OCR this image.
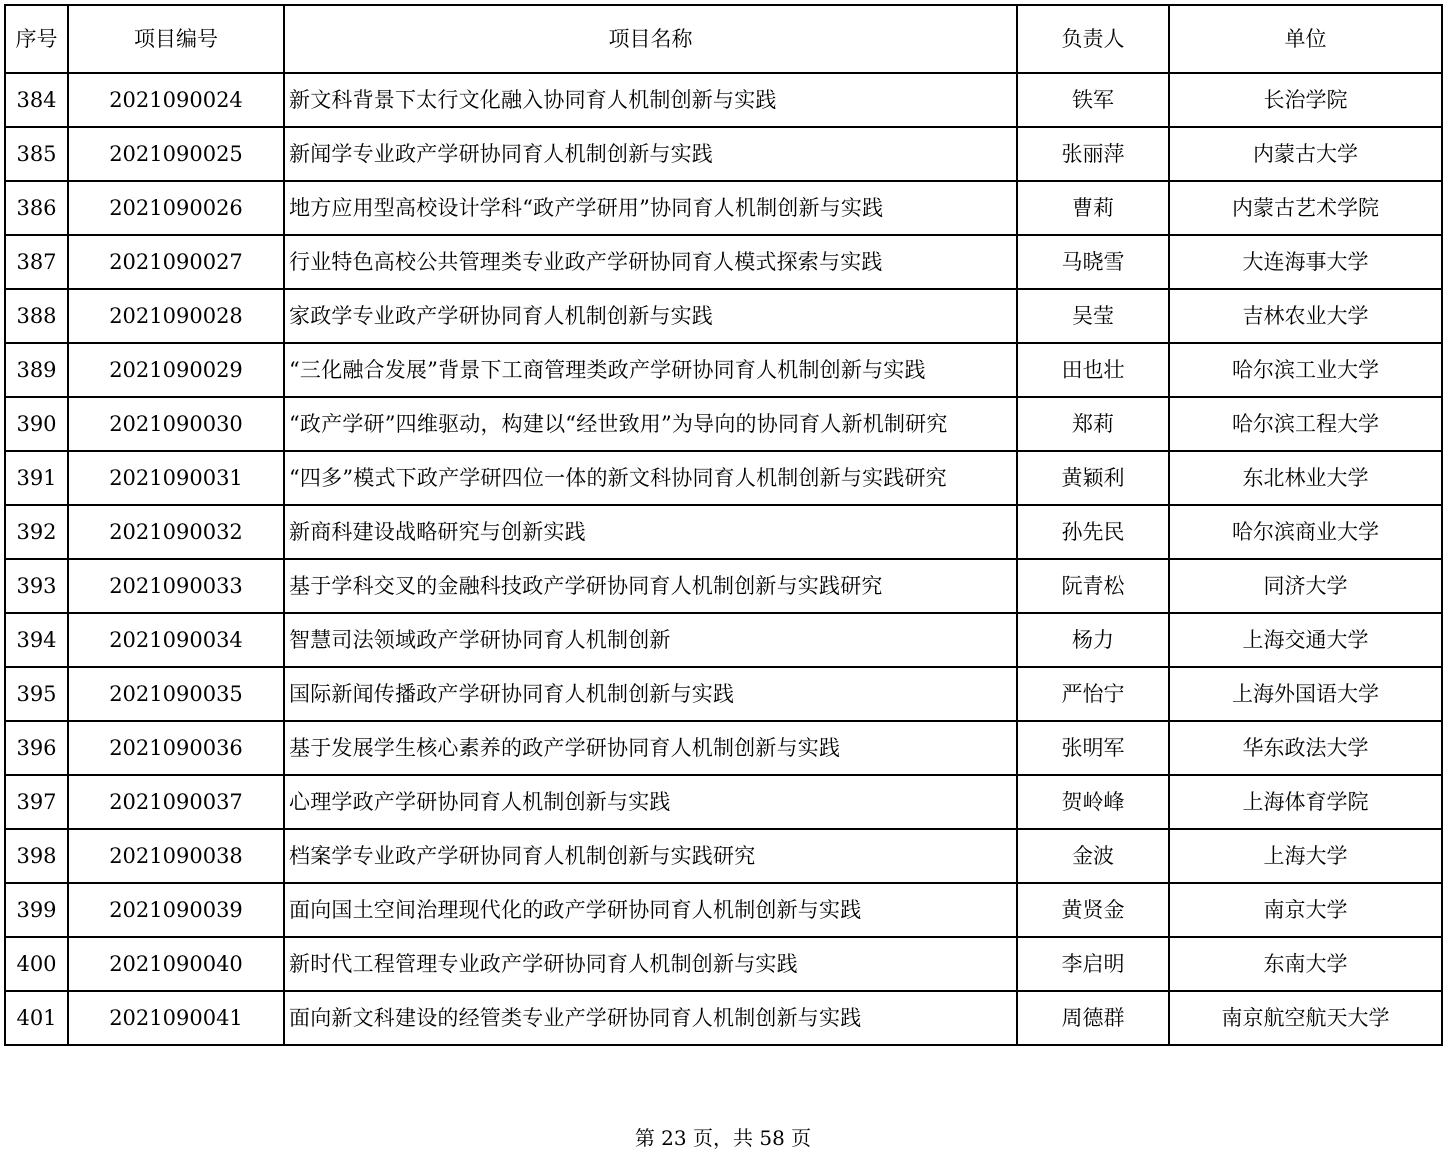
序号	项目编号	项目名称	负责人	单位
384	2021090024	新文科背景下太行文化融入协同育人机制创新与实践	铁军	长治学院
385	2021090025	新闻学专业政产学研协同育人机制创新与实践	张丽萍	内蒙古大学
386	2021090026	地方应用型高校设计学科“政产学研用”协同育人机制创新与实践	曹莉	内蒙古艺术学院
387	2021090027	行业特色高校公共管理类专业政产学研协同育人模式探索与实践	马晓雪	大连海事大学
388	2021090028	家政学专业政产学研协同育人机制创新与实践	吴莹	吉林农业大学
389	2021090029	“三化融合发展”背景下工商管理类政产学研协同育人机制创新与实践	田也壮	哈尔滨工业大学
390	2021090030	“政产学研”四维驱动，构建以“经世致用”为导向的协同育人新机制研究	郑莉	哈尔滨工程大学
391	2021090031	“四多”模式下政产学研四位一体的新文科协同育人机制创新与实践研究	黄颖利	东北林业大学
392	2021090032	新商科建设战略研究与创新实践	孙先民	哈尔滨商业大学
393	2021090033	基于学科交叉的金融科技政产学研协同育人机制创新与实践研究	阮青松	同济大学
394	2021090034	智慧司法领域政产学研协同育人机制创新	杨力	上海交通大学
395	2021090035	国际新闻传播政产学研协同育人机制创新与实践	严怡宁	上海外国语大学
396	2021090036	基于发展学生核心素养的政产学研协同育人机制创新与实践	张明军	华东政法大学
397	2021090037	心理学政产学研协同育人机制创新与实践	贺岭峰	上海体育学院
398	2021090038	档案学专业政产学研协同育人机制创新与实践研究	金波	上海大学
399	2021090039	面向国土空间治理现代化的政产学研协同育人机制创新与实践	黄贤金	南京大学
400	2021090040	新时代工程管理专业政产学研协同育人机制创新与实践	李启明	东南大学
401	2021090041	面向新文科建设的经管类专业产学研协同育人机制创新与实践	周德群	南京航空航天大学
第 23 页，共 58 页
